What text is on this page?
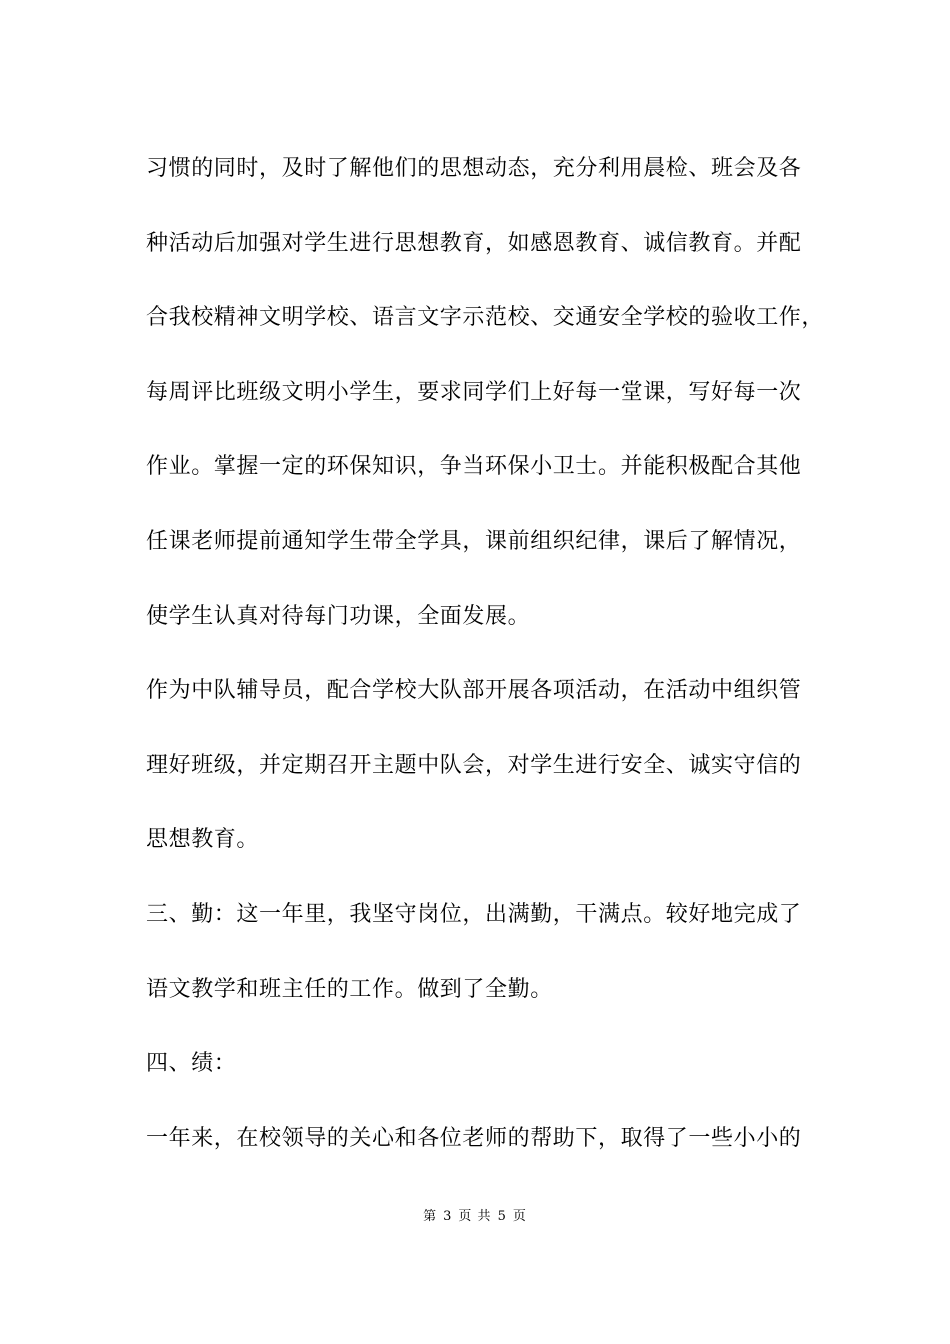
习惯的同时，及时了解他们的思想动态，充分利用晨检、班会及各
种活动后加强对学生进行思想教育，如感恩教育、诚信教育。并配
合我校精神文明学校、语言文字示范校、交通安全学校的验收工作，
每周评比班级文明小学生，要求同学们上好每一堂课，写好每一次
作业。掌握一定的环保知识，争当环保小卫士。并能积极配合其他
任课老师提前通知学生带全学具，课前组织纪律，课后了解情况，
使学生认真对待每门功课，全面发展。
作为中队辅导员，配合学校大队部开展各项活动，在活动中组织管
理好班级，并定期召开主题中队会，对学生进行安全、诚实守信的
思想教育。
三、勤：这一年里，我坚守岗位，出满勤，干满点。较好地完成了
语文教学和班主任的工作。做到了全勤。
四、绩：
一年来，在校领导的关心和各位老师的帮助下，取得了一些小小的
第 3 页 共 5 页
